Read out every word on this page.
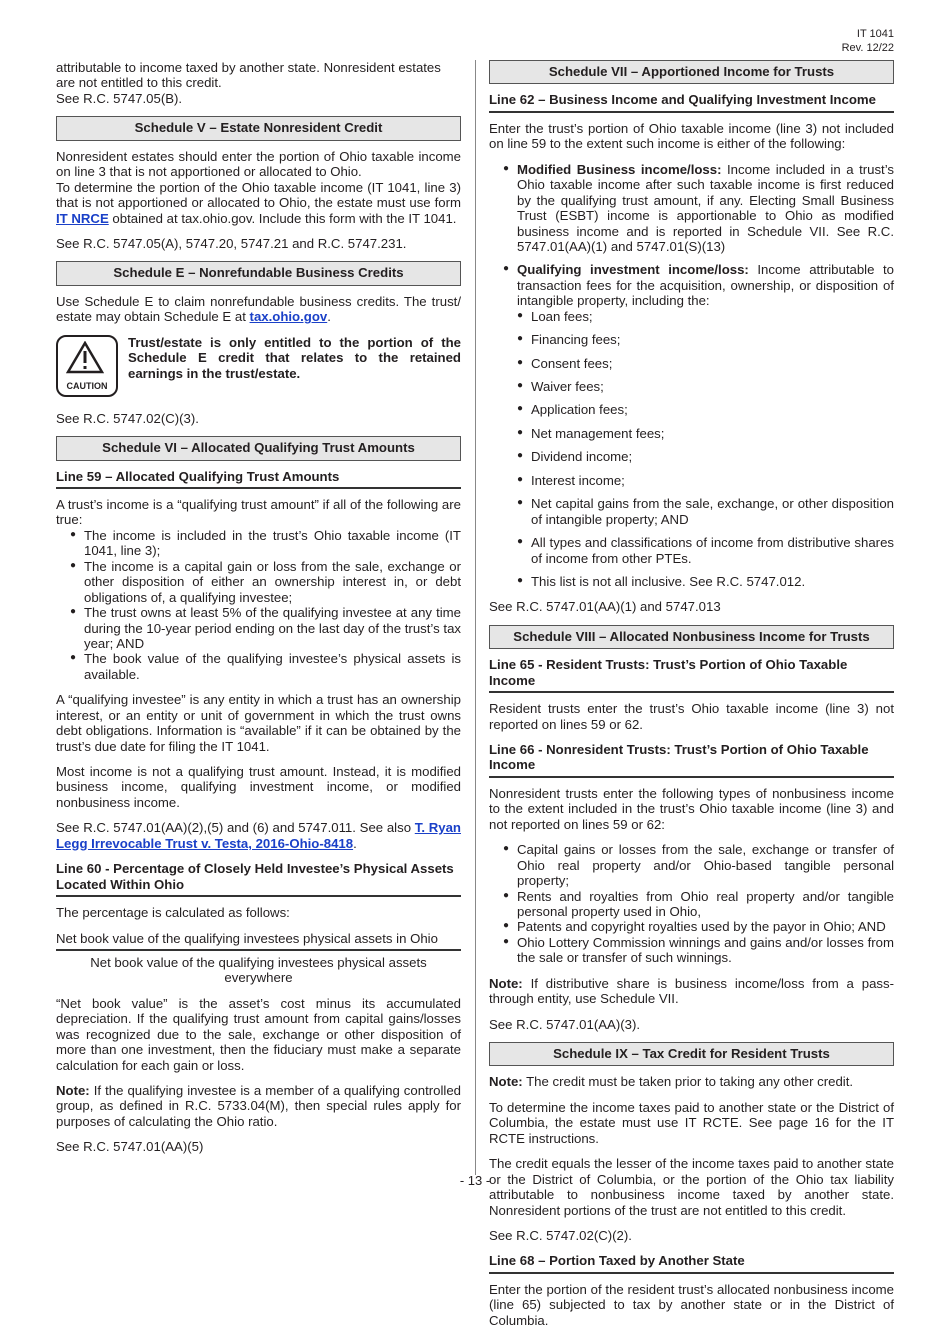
IT 1041
Rev. 12/22

attributable to income taxed by another state. Nonresident estates are not entitled to this credit.

See R.C. 5747.05(B).

Schedule V – Estate Nonresident Credit

Nonresident estates should enter the portion of Ohio taxable income on line 3 that is not apportioned or allocated to Ohio.

To determine the portion of the Ohio taxable income (IT 1041, line 3) that is not apportioned or allocated to Ohio, the estate must use form IT NRCE obtained at tax.ohio.gov. Include this form with the IT 1041.

See R.C. 5747.05(A), 5747.20, 5747.21 and R.C. 5747.231.

Schedule E – Nonrefundable Business Credits

Use Schedule E to claim nonrefundable business credits. The trust/ estate may obtain Schedule E at tax.ohio.gov.

CAUTION
Trust/estate is only entitled to the portion of the Schedule E credit that relates to the retained earnings in the trust/estate.

See R.C. 5747.02(C)(3).

Schedule VI – Allocated Qualifying Trust Amounts
Line 59 – Allocated Qualifying Trust Amounts

A trust’s income is a “qualifying trust amount” if all of the following are true:

● The income is included in the trust’s Ohio taxable income (IT 1041, line 3);
● The income is a capital gain or loss from the sale, exchange or other disposition of either an ownership interest in, or debt obligations of, a qualifying investee;
● The trust owns at least 5% of the qualifying investee at any time during the 10-year period ending on the last day of the trust’s tax year; AND
● The book value of the qualifying investee’s physical assets is available.

A “qualifying investee” is any entity in which a trust has an ownership interest, or an entity or unit of government in which the trust owns debt obligations. Information is “available” if it can be obtained by the trust’s due date for filing the IT 1041.

Most income is not a qualifying trust amount. Instead, it is modified business income, qualifying investment income, or modified nonbusiness income.

See R.C. 5747.01(AA)(2),(5) and (6) and 5747.011. See also T. Ryan Legg Irrevocable Trust v. Testa, 2016-Ohio-8418.

Line 60 - Percentage of Closely Held Investee’s Physical Assets Located Within Ohio

The percentage is calculated as follows:

Net book value of the qualifying investees physical assets in Ohio
Net book value of the qualifying investees physical assets everywhere

“Net book value” is the asset’s cost minus its accumulated depreciation. If the qualifying trust amount from capital gains/losses was recognized due to the sale, exchange or other disposition of more than one investment, then the fiduciary must make a separate calculation for each gain or loss.

Note: If the qualifying investee is a member of a qualifying controlled group, as defined in R.C. 5733.04(M), then special rules apply for purposes of calculating the Ohio ratio.

See R.C. 5747.01(AA)(5)

Schedule VII – Apportioned Income for Trusts
Line 62 – Business Income and Qualifying Investment Income

Enter the trust’s portion of Ohio taxable income (line 3) not included on line 59 to the extent such income is either of the following:

● Modified Business income/loss: Income included in a trust’s Ohio taxable income after such taxable income is first reduced by the qualifying trust amount, if any. Electing Small Business Trust (ESBT) income is apportionable to Ohio as modified business income and is reported in Schedule VII. See R.C. 5747.01(AA)(1) and 5747.01(S)(13)
● Qualifying investment income/loss: Income attributable to transaction fees for the acquisition, ownership, or disposition of intangible property, including the:
● Loan fees;
● Financing fees;
● Consent fees;
● Waiver fees;
● Application fees;
● Net management fees;
● Dividend income;
● Interest income;
● Net capital gains from the sale, exchange, or other disposition of intangible property; AND
● All types and classifications of income from distributive shares of income from other PTEs.
● This list is not all inclusive. See R.C. 5747.012.

See R.C. 5747.01(AA)(1) and 5747.013

Schedule VIII – Allocated Nonbusiness Income for Trusts
Line 65 - Resident Trusts: Trust’s Portion of Ohio Taxable Income

Resident trusts enter the trust’s Ohio taxable income (line 3) not reported on lines 59 or 62.

Line 66 - Nonresident Trusts: Trust’s Portion of Ohio Taxable Income

Nonresident trusts enter the following types of nonbusiness income to the extent included in the trust’s Ohio taxable income (line 3) and not reported on lines 59 or 62:

● Capital gains or losses from the sale, exchange or transfer of Ohio real property and/or Ohio-based tangible personal property;
● Rents and royalties from Ohio real property and/or tangible personal property used in Ohio,
● Patents and copyright royalties used by the payor in Ohio; AND
● Ohio Lottery Commission winnings and gains and/or losses from the sale or transfer of such winnings.

Note: If distributive share is business income/loss from a pass-through entity, use Schedule VII.

See R.C. 5747.01(AA)(3).

Schedule IX – Tax Credit for Resident Trusts

Note: The credit must be taken prior to taking any other credit.

To determine the income taxes paid to another state or the District of Columbia, the estate must use IT RCTE. See page 16 for the IT RCTE instructions.

The credit equals the lesser of the income taxes paid to another state or the District of Columbia, or the portion of the Ohio tax liability attributable to nonbusiness income taxed by another state. Nonresident portions of the trust are not entitled to this credit.

See R.C. 5747.02(C)(2).

Line 68 – Portion Taxed by Another State

Enter the portion of the resident trust’s allocated nonbusiness income (line 65) subjected to tax by another state or in the District of Columbia.

- 13 -
